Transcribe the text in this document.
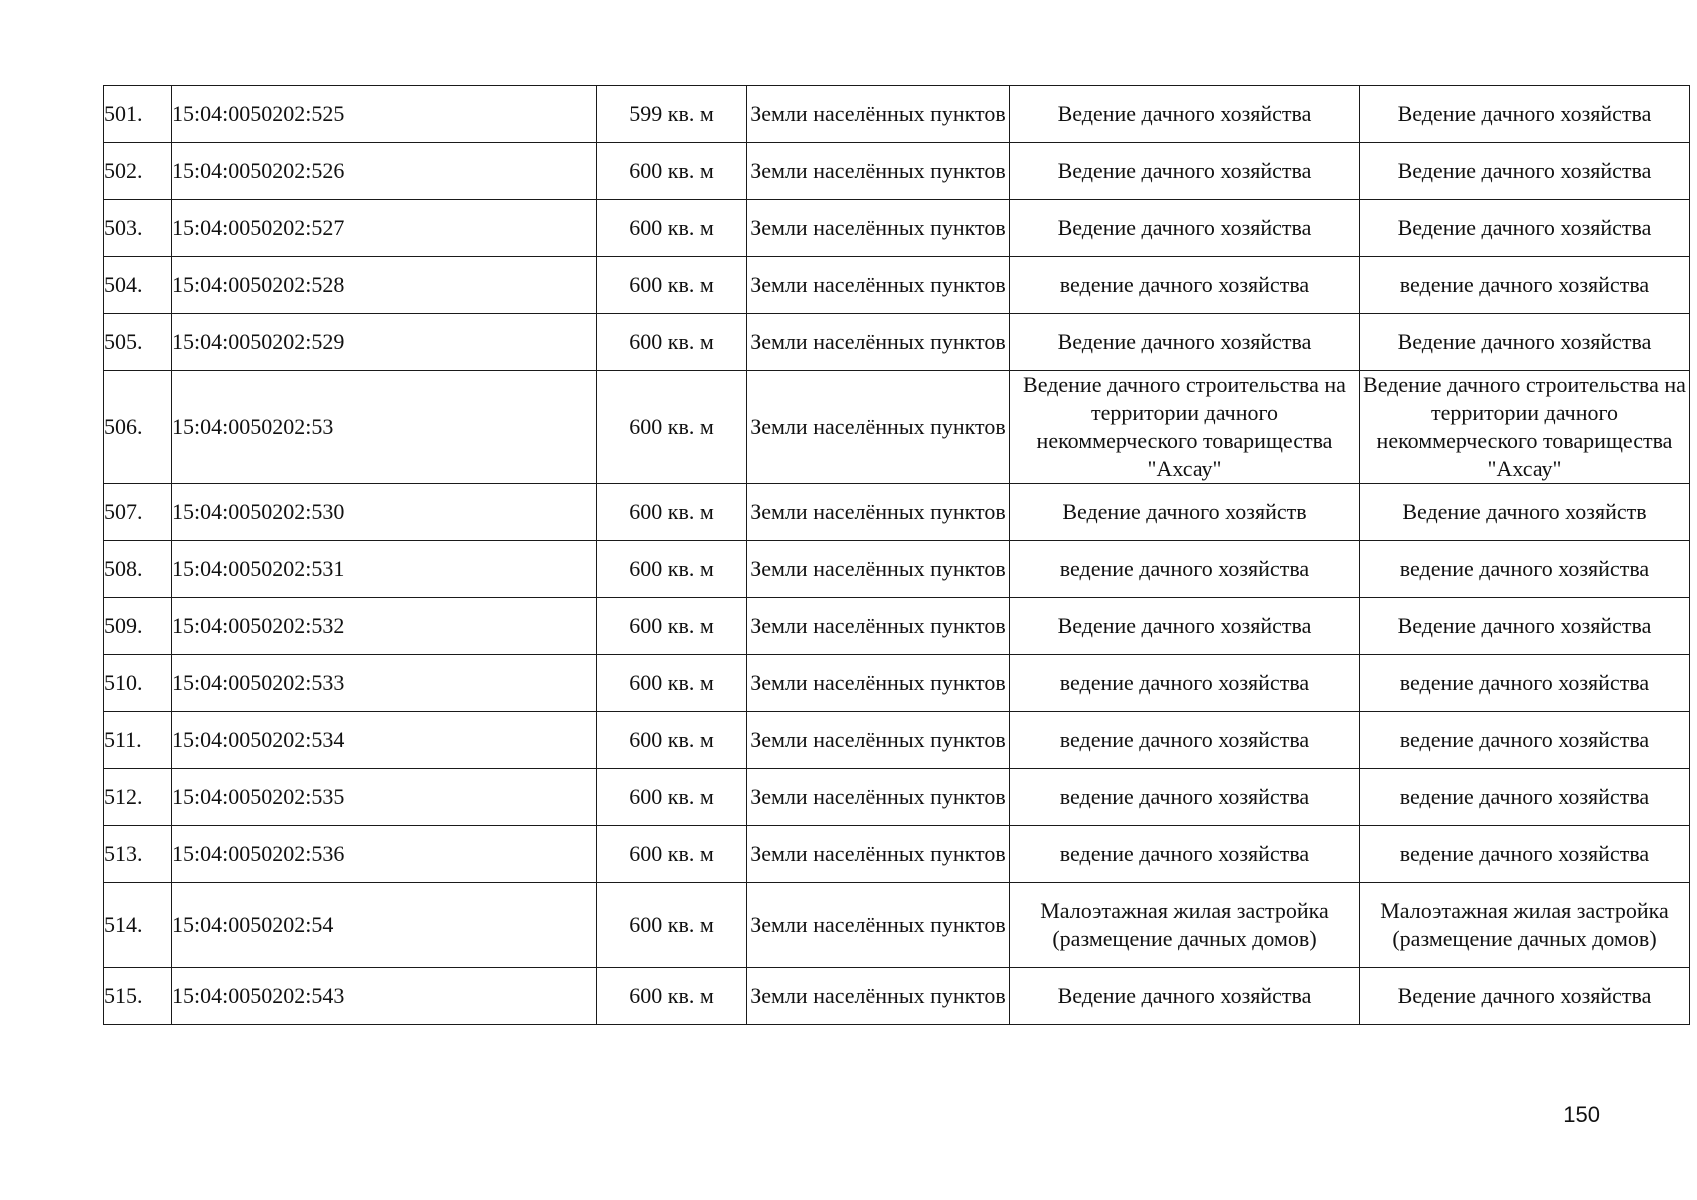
501.	15:04:0050202:525	599 кв. м	Земли населённых пунктов	Ведение дачного хозяйства	Ведение дачного хозяйства
502.	15:04:0050202:526	600 кв. м	Земли населённых пунктов	Ведение дачного хозяйства	Ведение дачного хозяйства
503.	15:04:0050202:527	600 кв. м	Земли населённых пунктов	Ведение дачного хозяйства	Ведение дачного хозяйства
504.	15:04:0050202:528	600 кв. м	Земли населённых пунктов	ведение дачного хозяйства	ведение дачного хозяйства
505.	15:04:0050202:529	600 кв. м	Земли населённых пунктов	Ведение дачного хозяйства	Ведение дачного хозяйства
506.	15:04:0050202:53	600 кв. м	Земли населённых пунктов	Ведение дачного строительства на территории дачного некоммерческого товарищества "Ахсау"	Ведение дачного строительства на территории дачного некоммерческого товарищества "Ахсау"
507.	15:04:0050202:530	600 кв. м	Земли населённых пунктов	Ведение дачного хозяйств	Ведение дачного хозяйств
508.	15:04:0050202:531	600 кв. м	Земли населённых пунктов	ведение дачного хозяйства	ведение дачного хозяйства
509.	15:04:0050202:532	600 кв. м	Земли населённых пунктов	Ведение дачного хозяйства	Ведение дачного хозяйства
510.	15:04:0050202:533	600 кв. м	Земли населённых пунктов	ведение дачного хозяйства	ведение дачного хозяйства
511.	15:04:0050202:534	600 кв. м	Земли населённых пунктов	ведение дачного хозяйства	ведение дачного хозяйства
512.	15:04:0050202:535	600 кв. м	Земли населённых пунктов	ведение дачного хозяйства	ведение дачного хозяйства
513.	15:04:0050202:536	600 кв. м	Земли населённых пунктов	ведение дачного хозяйства	ведение дачного хозяйства
514.	15:04:0050202:54	600 кв. м	Земли населённых пунктов	Малоэтажная жилая застройка (размещение дачных домов)	Малоэтажная жилая застройка (размещение дачных домов)
515.	15:04:0050202:543	600 кв. м	Земли населённых пунктов	Ведение дачного хозяйства	Ведение дачного хозяйства
150
